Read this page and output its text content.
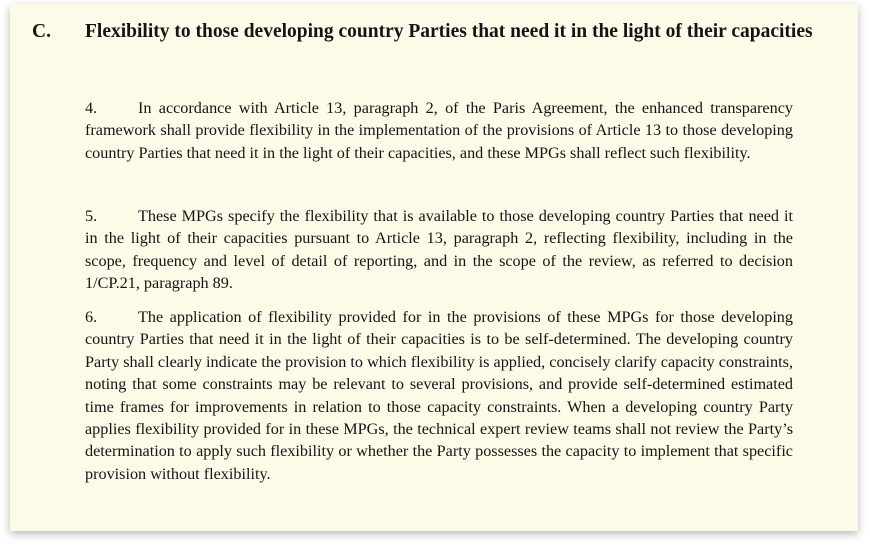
C. Flexibility to those developing country Parties that need it in the light of their capacities
4.	In accordance with Article 13, paragraph 2, of the Paris Agreement, the enhanced transparency framework shall provide flexibility in the implementation of the provisions of Article 13 to those developing country Parties that need it in the light of their capacities, and these MPGs shall reflect such flexibility.
5.	These MPGs specify the flexibility that is available to those developing country Parties that need it in the light of their capacities pursuant to Article 13, paragraph 2, reflecting flexibility, including in the scope, frequency and level of detail of reporting, and in the scope of the review, as referred to decision 1/CP.21, paragraph 89.
6.	The application of flexibility provided for in the provisions of these MPGs for those developing country Parties that need it in the light of their capacities is to be self-determined. The developing country Party shall clearly indicate the provision to which flexibility is applied, concisely clarify capacity constraints, noting that some constraints may be relevant to several provisions, and provide self-determined estimated time frames for improvements in relation to those capacity constraints. When a developing country Party applies flexibility provided for in these MPGs, the technical expert review teams shall not review the Party’s determination to apply such flexibility or whether the Party possesses the capacity to implement that specific provision without flexibility.
